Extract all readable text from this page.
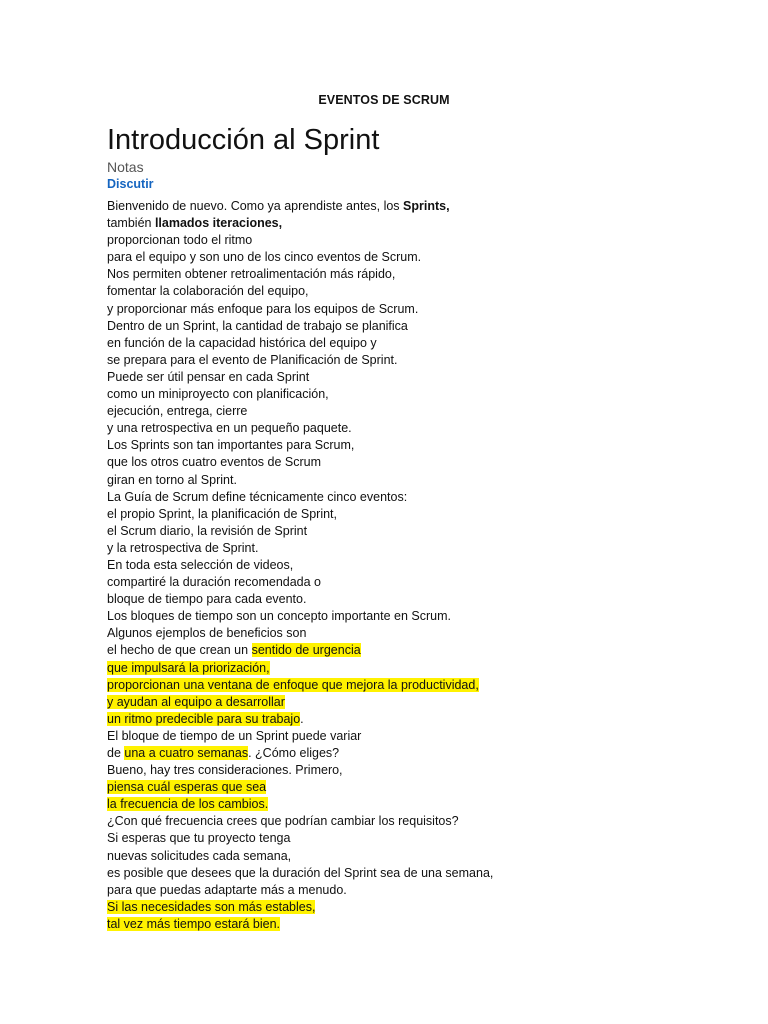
EVENTOS DE SCRUM
Introducción al Sprint
Notas
Discutir
Bienvenido de nuevo. Como ya aprendiste antes, los Sprints,
también llamados iteraciones,
proporcionan todo el ritmo
para el equipo y son uno de los cinco eventos de Scrum.
Nos permiten obtener retroalimentación más rápido,
fomentar la colaboración del equipo,
y proporcionar más enfoque para los equipos de Scrum.
Dentro de un Sprint, la cantidad de trabajo se planifica
en función de la capacidad histórica del equipo y
se prepara para el evento de Planificación de Sprint.
Puede ser útil pensar en cada Sprint
como un miniproyecto con planificación,
ejecución, entrega, cierre
y una retrospectiva en un pequeño paquete.
Los Sprints son tan importantes para Scrum,
que los otros cuatro eventos de Scrum
giran en torno al Sprint.
La Guía de Scrum define técnicamente cinco eventos:
el propio Sprint, la planificación de Sprint,
el Scrum diario, la revisión de Sprint
y la retrospectiva de Sprint.
En toda esta selección de videos,
compartiré la duración recomendada o
bloque de tiempo para cada evento.
Los bloques de tiempo son un concepto importante en Scrum.
Algunos ejemplos de beneficios son
el hecho de que crean un sentido de urgencia
que impulsará la priorización,
proporcionan una ventana de enfoque que mejora la productividad,
y ayudan al equipo a desarrollar
un ritmo predecible para su trabajo.
El bloque de tiempo de un Sprint puede variar
de una a cuatro semanas. ¿Cómo eliges?
Bueno, hay tres consideraciones. Primero,
piensa cuál esperas que sea
la frecuencia de los cambios.
¿Con qué frecuencia crees que podrían cambiar los requisitos?
Si esperas que tu proyecto tenga
nuevas solicitudes cada semana,
es posible que desees que la duración del Sprint sea de una semana,
para que puedas adaptarte más a menudo.
Si las necesidades son más estables,
tal vez más tiempo estará bien.
